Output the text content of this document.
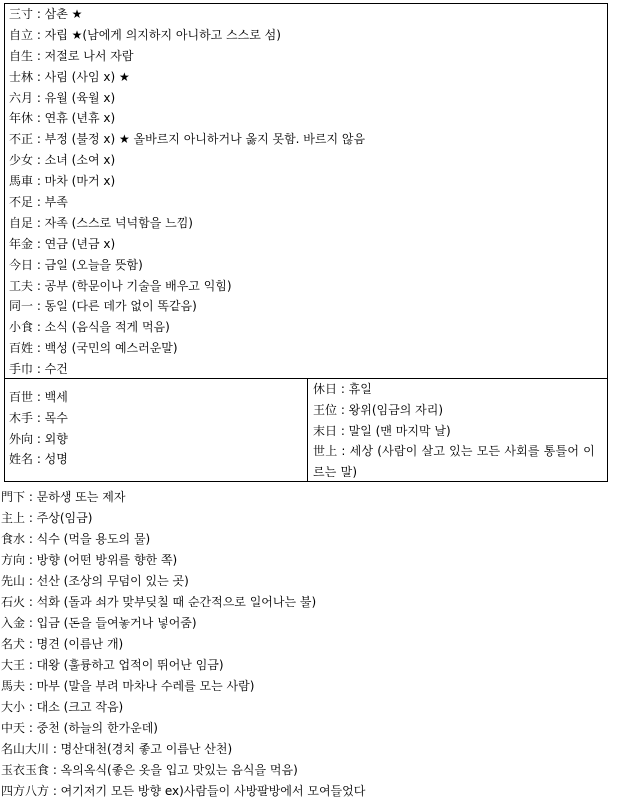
三寸 : 삼촌 ★
自立 : 자립 ★(남에게 의지하지 아니하고 스스로 섬)
自生 : 저절로 나서 자람
士林 : 사림 (사임 x) ★
六月 : 유월 (육월 x)
年休 : 연휴 (년휴 x)
不正 : 부정 (불정 x) ★ 올바르지 아니하거나 옳지 못함. 바르지 않음
少女 : 소녀 (소여 x)
馬車 : 마차 (마거 x)
不足 : 부족
自足 : 자족 (스스로 넉넉함을 느낌)
年金 : 연금 (년금 x)
今日 : 금일 (오늘을 뜻함)
工夫 : 공부 (학문이나 기술을 배우고 익힘)
同一 : 동일 (다른 데가 없이 똑같음)
小食 : 소식 (음식을 적게 먹음)
百姓 : 백성 (국민의 예스러운말)
手巾 : 수건
百世 : 백세
木手 : 목수
外向 : 외향
姓名 : 성명
休日 : 휴일
王位 : 왕위(임금의 자리)
末日 : 말일 (맨 마지막 날)
世上 : 세상 (사람이 살고 있는 모든 사회를 통틀어 이르는 말)
門下 : 문하생 또는 제자
主上 : 주상(임금)
食水 : 식수 (먹을 용도의 물)
方向 : 방향 (어떤 방위를 향한 쪽)
先山 : 선산 (조상의 무덤이 있는 곳)
石火 : 석화 (돌과 쇠가 맞부딪칠 때 순간적으로 일어나는 불)
入金 : 입금 (돈을 들여놓거나 넣어줌)
名犬 : 명견 (이름난 개)
大王 : 대왕 (훌륭하고 업적이 뛰어난 임금)
馬夫 : 마부 (말을 부려 마차나 수레를 모는 사람)
大小 : 대소 (크고 작음)
中天 : 중천 (하늘의 한가운데)
名山大川 : 명산대천(경치 좋고 이름난 산천)
玉衣玉食 : 옥의옥식(좋은 옷을 입고 맛있는 음식을 먹음)
四方八方 : 여기저기 모든 방향 ex)사람들이 사방팔방에서 모여들었다
